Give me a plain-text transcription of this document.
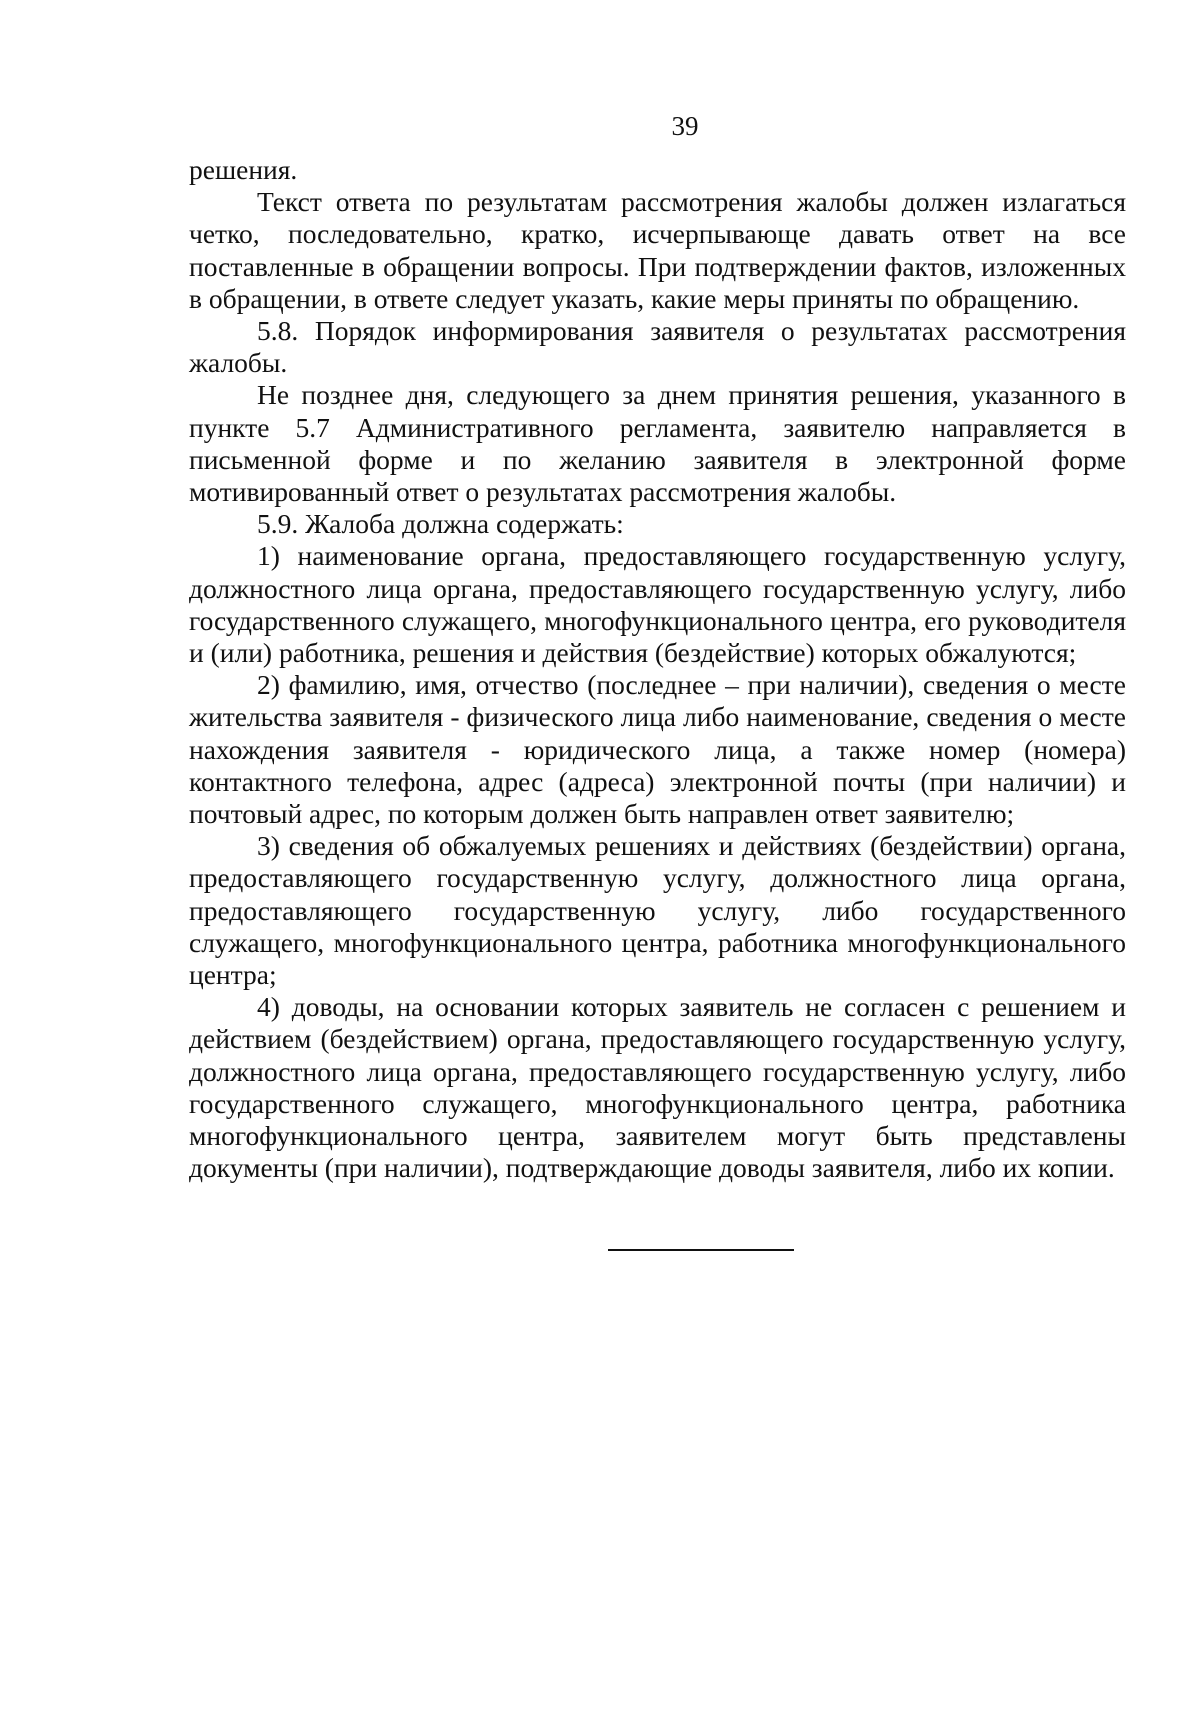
39

решения.

Текст ответа по результатам рассмотрения жалобы должен излагаться четко, последовательно, кратко, исчерпывающе давать ответ на все поставленные в обращении вопросы. При подтверждении фактов, изложенных в обращении, в ответе следует указать, какие меры приняты по обращению.

5.8. Порядок информирования заявителя о результатах рассмотрения жалобы.

Не позднее дня, следующего за днем принятия решения, указанного в пункте 5.7 Административного регламента, заявителю направляется в письменной форме и по желанию заявителя в электронной форме мотивированный ответ о результатах рассмотрения жалобы.

5.9. Жалоба должна содержать:

1) наименование органа, предоставляющего государственную услугу, должностного лица органа, предоставляющего государственную услугу, либо государственного служащего, многофункционального центра, его руководителя и (или) работника, решения и действия (бездействие) которых обжалуются;

2) фамилию, имя, отчество (последнее – при наличии), сведения о месте жительства заявителя - физического лица либо наименование, сведения о месте нахождения заявителя - юридического лица, а также номер (номера) контактного телефона, адрес (адреса) электронной почты (при наличии) и почтовый адрес, по которым должен быть направлен ответ заявителю;

3) сведения об обжалуемых решениях и действиях (бездействии) органа, предоставляющего государственную услугу, должностного лица органа, предоставляющего государственную услугу, либо государственного служащего, многофункционального центра, работника многофункционального центра;

4) доводы, на основании которых заявитель не согласен с решением и действием (бездействием) органа, предоставляющего государственную услугу, должностного лица органа, предоставляющего государственную услугу, либо государственного служащего, многофункционального центра, работника многофункционального центра, заявителем могут быть представлены документы (при наличии), подтверждающие доводы заявителя, либо их копии.
